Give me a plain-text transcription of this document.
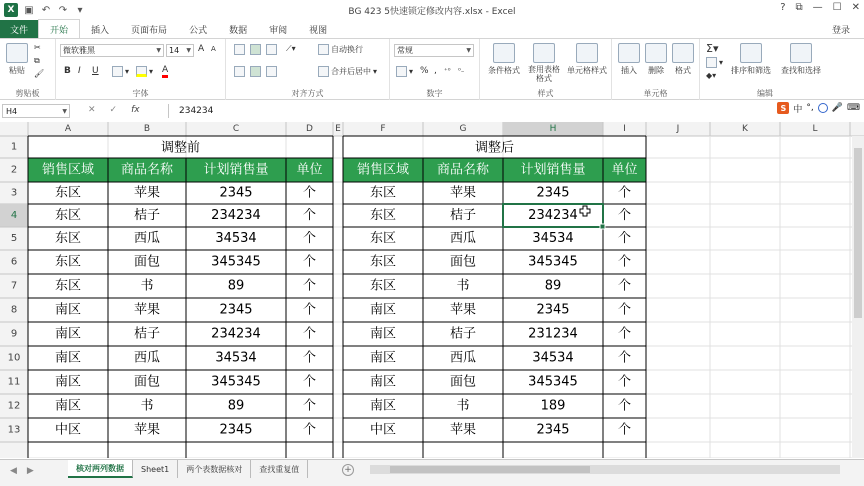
X ▣ ↶ ↷	▾	BG 423 5快速锁定修改内容.xlsx - Excel	? ⧉ — ☐ ✕
文件	开始	插入	页面布局	公式	数据	审阅	视图	登录
粘贴
✂
⧉
🖌
剪贴板
微软雅黑	▼ 14 ▼ A A
B I U	▾	▾ A
字体
⟋▾	自动换行
合并后居中 ▾
对齐方式
常规	▼
▾ % , ⁺⁰ ⁰₋
数字
条件格式 套用表格格式
单元格样式
样式
插入 删除 格式
单元格
Σ▾
▾
◆▾
排序和筛选 查找和选择
编辑
H4	▼ ✕ ✓ fx	234234	S 中 °, 🎤 ⌨
A	B	C	D E	F	G	H	I	J	K	L
1
2
3
4
5
6
7
8
9
10
11
12
13
调整前
销售区域 商品名称 计划销售量 单位
东区	苹果	2345	个
东区	桔子	234234	个
东区	西瓜	34534	个
东区	面包	345345	个
东区	书	89	个
南区	苹果	2345	个
南区	桔子	234234	个
南区	西瓜	34534	个
南区	面包	345345	个
南区	书	89	个
中区	苹果	2345	个
调整后
销售区域 商品名称 计划销售量 单位
东区	苹果	2345	个
东区	桔子	234234	个
东区	西瓜	34534	个
东区	面包	345345	个
东区	书	89	个
南区	苹果	2345	个
南区	桔子	231234	个
南区	西瓜	34534	个
南区	面包	345345	个
南区	书	189	个
中区	苹果	2345	个
◀ ▶	核对两列数据	Sheet1	两个表数据核对	查找重复值	+
